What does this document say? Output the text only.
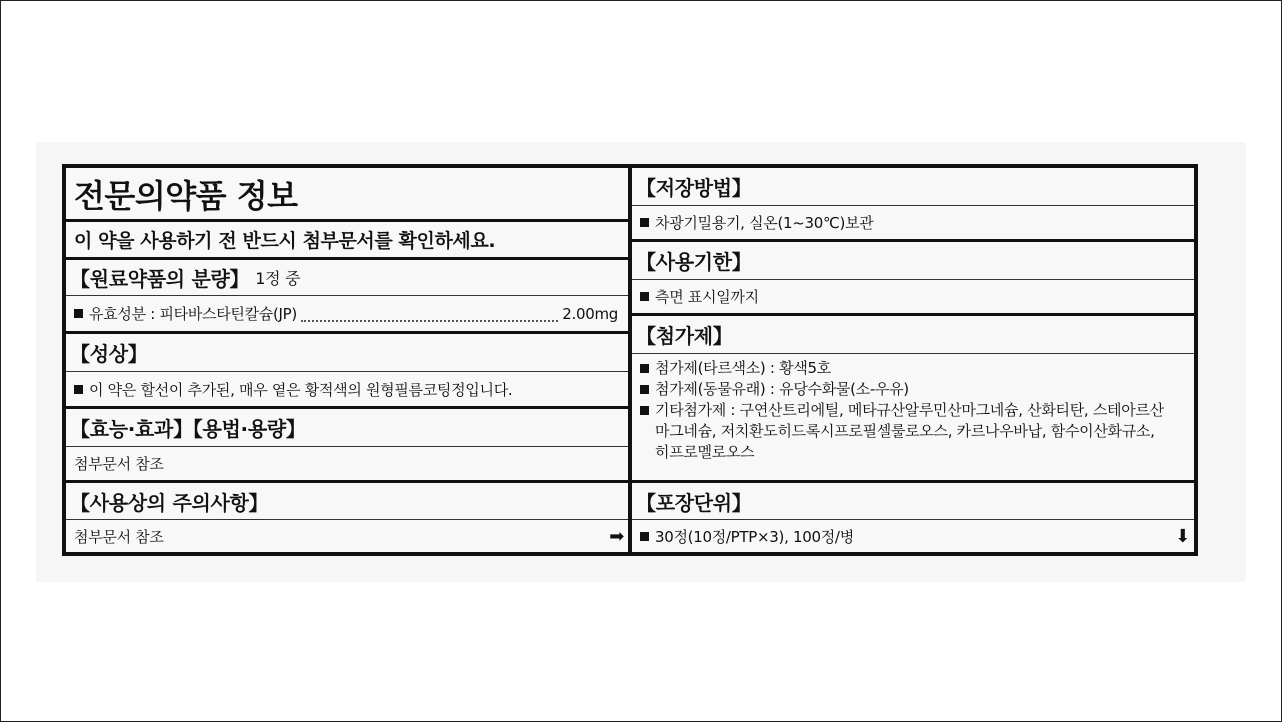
전문의약품 정보
이 약을 사용하기 전 반드시 첨부문서를 확인하세요.
【원료약품의 분량】 1정 중
유효성분 : 피타바스타틴칼슘(JP)	2.00mg
【성상】
이 약은 할선이 추가된, 매우 옅은 황적색의 원형필름코팅정입니다.
【효능·효과】【용법·용량】
첨부문서 참조
【사용상의 주의사항】
첨부문서 참조	➡
【저장방법】
차광기밀용기, 실온(1~30℃)보관
【사용기한】
측면 표시일까지
【첨가제】
첨가제(타르색소) : 황색5호
첨가제(동물유래) : 유당수화물(소-우유)
기타첨가제 : 구연산트리에틸, 메타규산알루민산마그네슘, 산화티탄, 스테아르산
마그네슘, 저치환도히드록시프로필셀룰로오스, 카르나우바납, 함수이산화규소,
히프로멜로오스
【포장단위】
30정(10정/PTP×3), 100정/병	⬇
